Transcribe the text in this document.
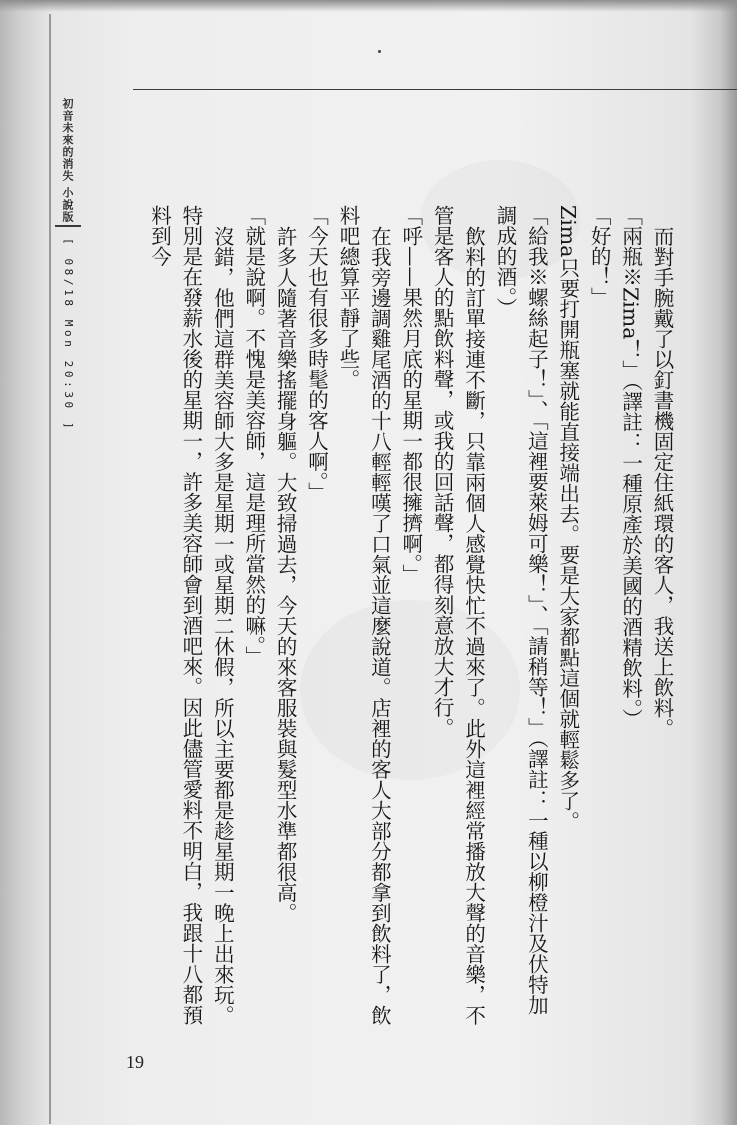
初音未來的消失 小說版
[ 08/18 Mon 20:30 ]	而對手腕戴了以釘書機固定住紙環的客人，我送上飲料。

「兩瓶※Zima！」（譯註：一種原產於美國的酒精飲料。）

「好的！」

Zima只要打開瓶塞就能直接端出去。要是大家都點這個就輕鬆多了。

「給我※螺絲起子！」、「這裡要萊姆可樂！」、「請稍等！」（譯註：一種以柳橙汁及伏特加調成的酒。）

飲料的訂單接連不斷，只靠兩個人感覺快忙不過來了。此外這裡經常播放大聲的音樂，不管是客人的點飲料聲，或我的回話聲，都得刻意放大才行。

「呼——果然月底的星期一都很擁擠啊。」

在我旁邊調雞尾酒的十八輕輕嘆了口氣並這麼說道。店裡的客人大部分都拿到飲料了，飲料吧總算平靜了些。

「今天也有很多時髦的客人啊。」

許多人隨著音樂搖擺身軀。大致掃過去，今天的來客服裝與髮型水準都很高。

「就是說啊。不愧是美容師，這是理所當然的嘛。」

沒錯，他們這群美容師大多是星期一或星期二休假，所以主要都是趁星期一晚上出來玩。特別是在發薪水後的星期一，許多美容師會到酒吧來。因此儘管愛料不明白，我跟十八都預料到今

19
